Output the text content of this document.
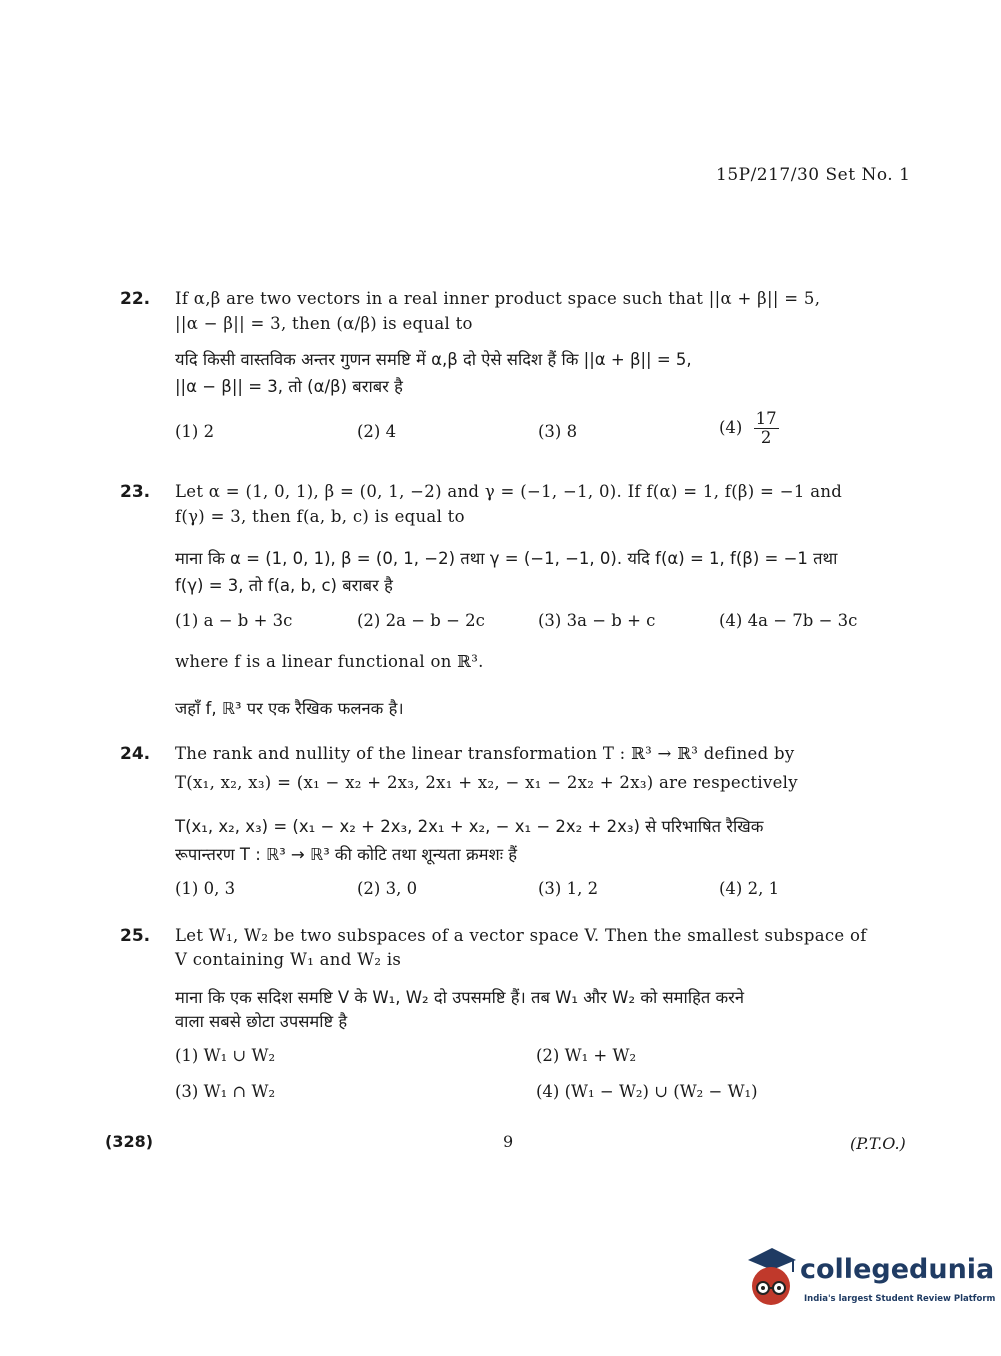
15P/217/30 Set No. 1
22. If α,β are two vectors in a real inner product space such that ||α + β|| = 5,
||α − β|| = 3, then (α/β) is equal to
यदि किसी वास्तविक अन्तर गुणन समष्टि में α,β दो ऐसे सदिश हैं कि ||α + β|| = 5,
||α − β|| = 3, तो (α/β) बराबर है
(1) 2	(2) 4	(3) 8	$(4) \frac{17}{2}$
23. Let α = (1, 0, 1), β = (0, 1, −2) and γ = (−1, −1, 0). If f(α) = 1, f(β) = −1 and
f(γ) = 3, then f(a, b, c) is equal to
माना कि α = (1, 0, 1), β = (0, 1, −2) तथा γ = (−1, −1, 0). यदि f(α) = 1, f(β) = −1 तथा
f(γ) = 3, तो f(a, b, c) बराबर है
(1) a − b + 3c	(2) 2a − b − 2c	(3) 3a − b + c	(4) 4a − 7b − 3c
where f is a linear functional on ℝ³.
जहाँ f, ℝ³ पर एक रैखिक फलनक है।
24. The rank and nullity of the linear transformation T : ℝ³ → ℝ³ defined by
T(x₁, x₂, x₃) = (x₁ − x₂ + 2x₃, 2x₁ + x₂, − x₁ − 2x₂ + 2x₃) are respectively
T(x₁, x₂, x₃) = (x₁ − x₂ + 2x₃, 2x₁ + x₂, − x₁ − 2x₂ + 2x₃) से परिभाषित रैखिक
रूपान्तरण T : ℝ³ → ℝ³ की कोटि तथा शून्यता क्रमशः हैं
(1) 0, 3	(2) 3, 0	(3) 1, 2	(4) 2, 1
25. Let W₁, W₂ be two subspaces of a vector space V. Then the smallest subspace of
V containing W₁ and W₂ is
माना कि एक सदिश समष्टि V के W₁, W₂ दो उपसमष्टि हैं। तब W₁ और W₂ को समाहित करने
वाला सबसे छोटा उपसमष्टि है
(1) W₁ ∪ W₂	(2) W₁ + W₂
(3) W₁ ∩ W₂	(4) (W₁ − W₂) ∪ (W₂ − W₁)
(328)	9	(P.T.O.)
collegedunia
India's largest Student Review Platform
